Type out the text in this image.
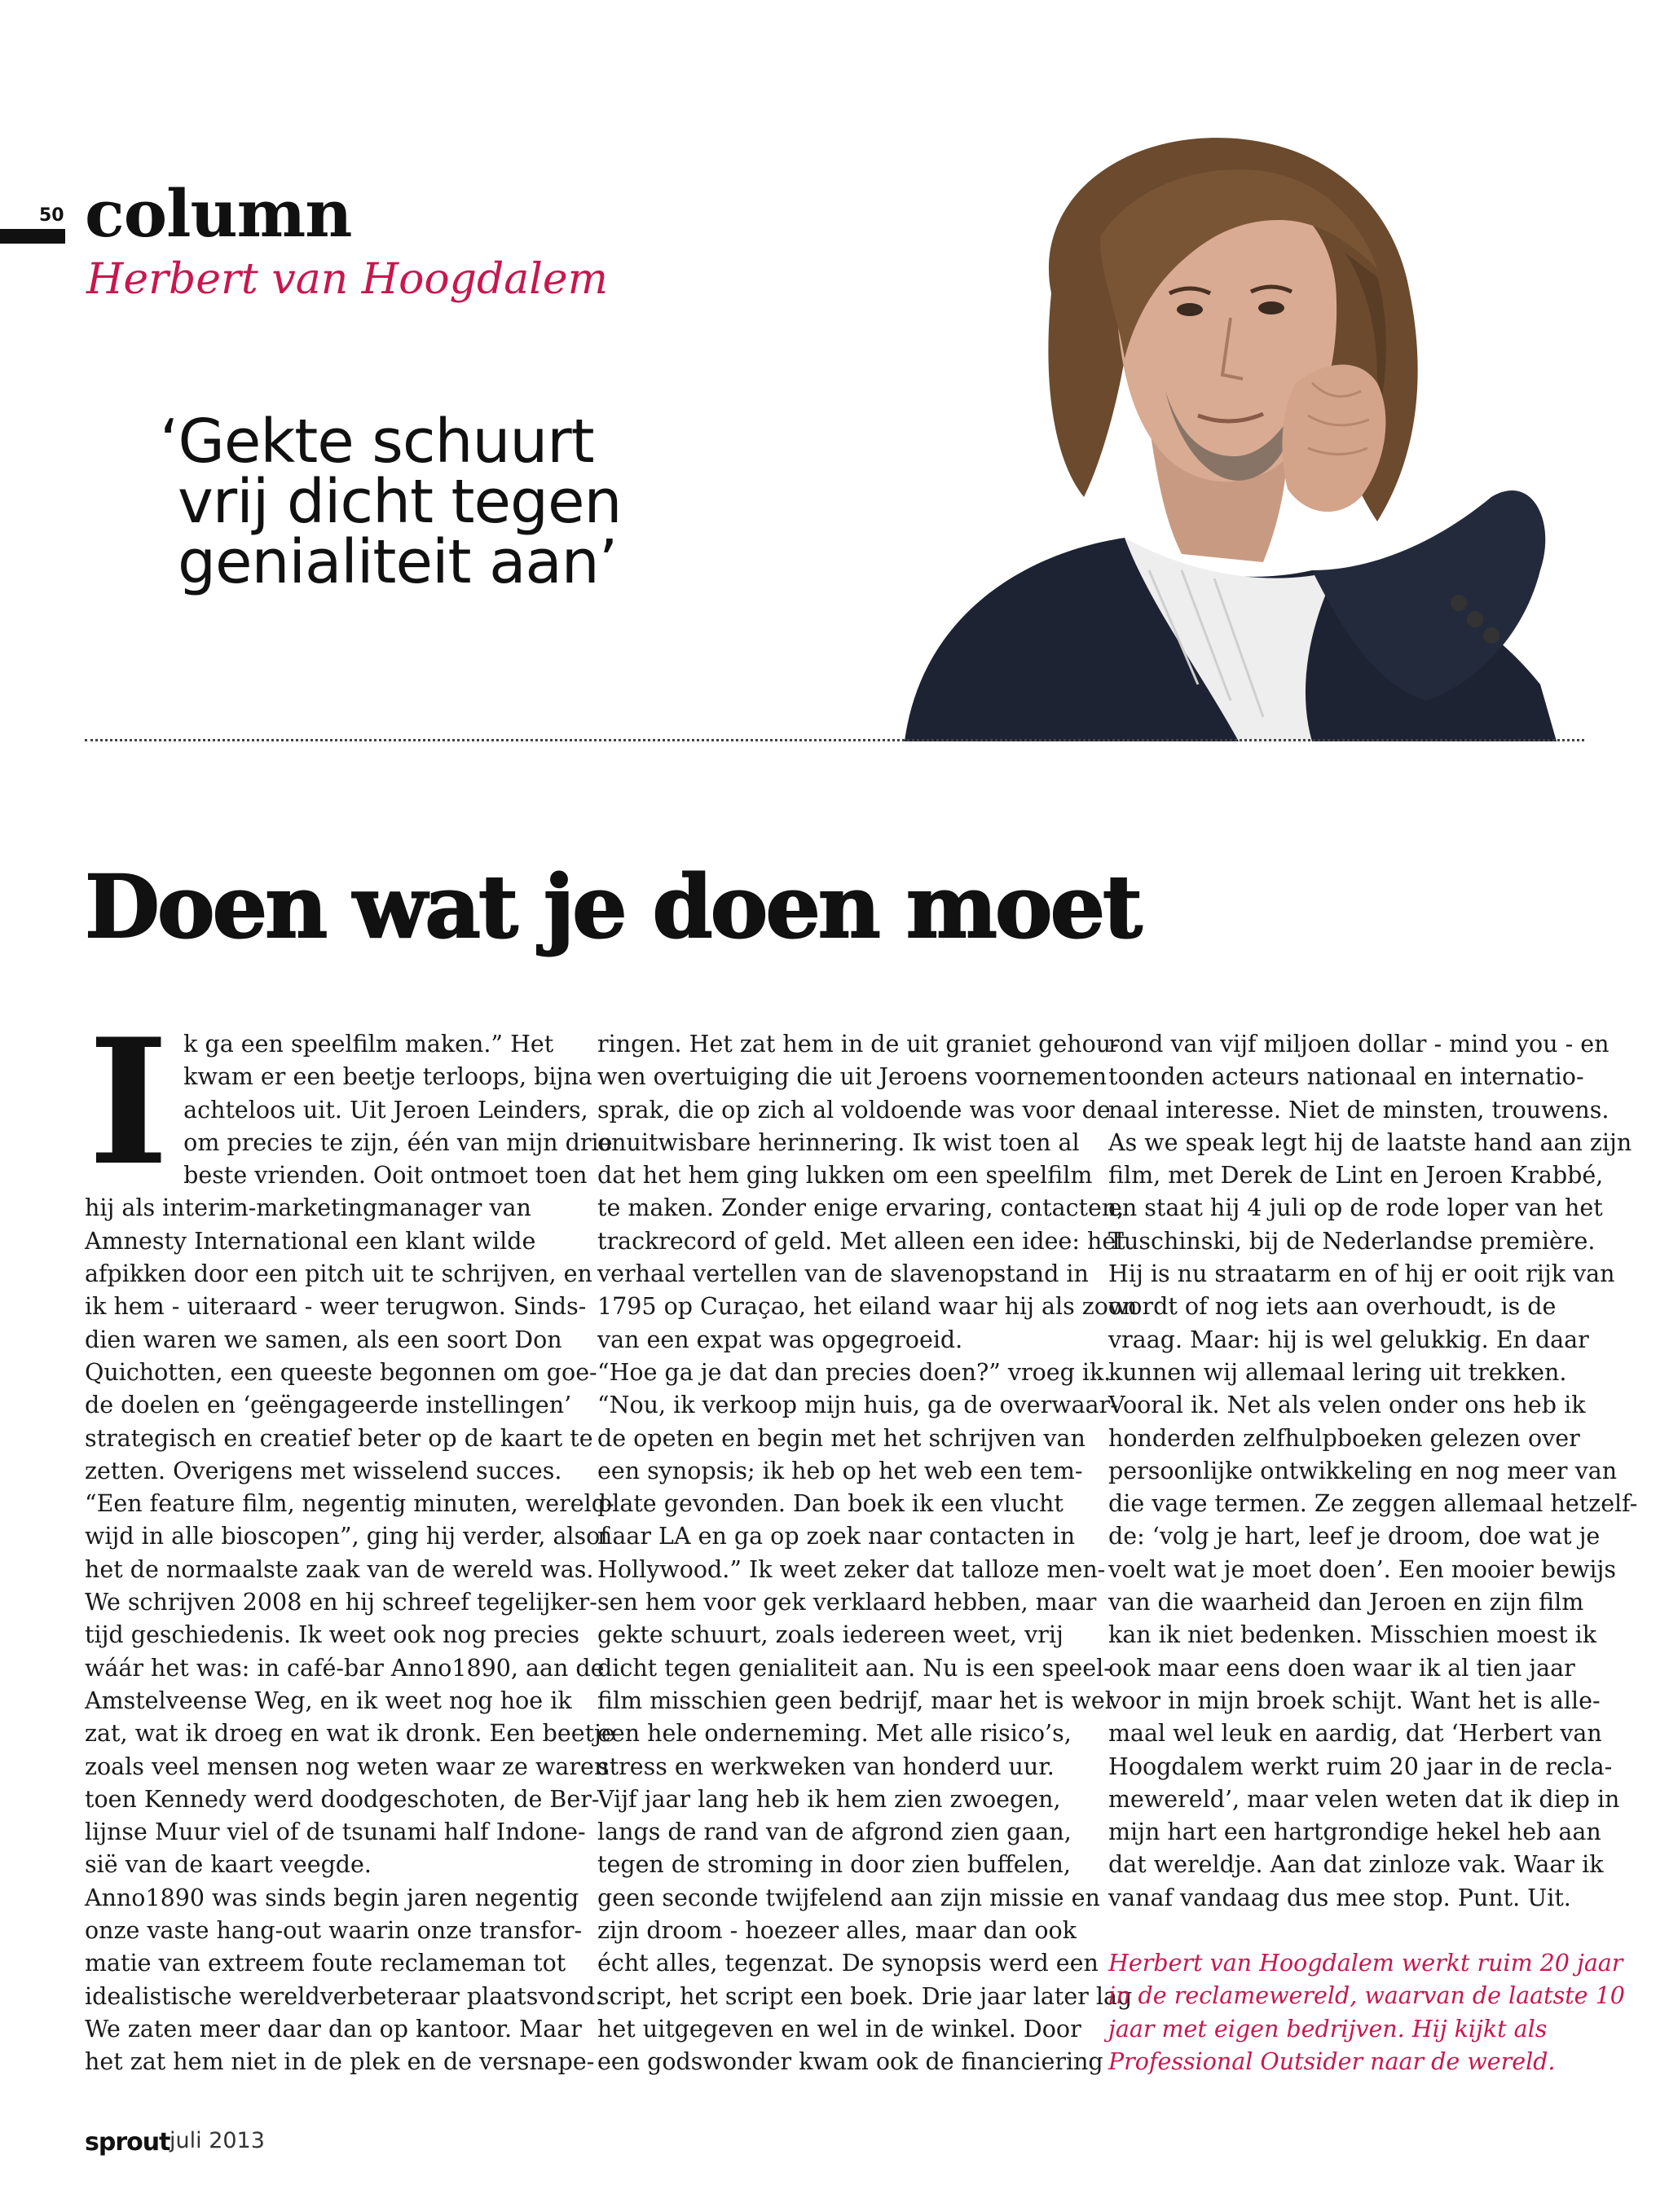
50 column
Herbert van Hoogdalem
‘Gekte schuurt
vrij dicht tegen
genialiteit aan’
Doen wat je doen moet
I k ga een speelfilm maken.” Het
kwam er een beetje terloops, bijna
achteloos uit. Uit Jeroen Leinders,
om precies te zijn, één van mijn drie
beste vrienden. Ooit ontmoet toen
hij als interim-marketingmanager van
Amnesty International een klant wilde
afpikken door een pitch uit te schrijven, en
ik hem - uiteraard - weer terugwon. Sinds-
dien waren we samen, als een soort Don
Quichotten, een queeste begonnen om goe-
de doelen en ‘geëngageerde instellingen’
strategisch en creatief beter op de kaart te
zetten. Overigens met wisselend succes.
“Een feature film, negentig minuten, wereld-
wijd in alle bioscopen”, ging hij verder, alsof
het de normaalste zaak van de wereld was.
We schrijven 2008 en hij schreef tegelijker-
tijd geschiedenis. Ik weet ook nog precies
wáár het was: in café-bar Anno1890, aan de
Amstelveense Weg, en ik weet nog hoe ik
zat, wat ik droeg en wat ik dronk. Een beetje
zoals veel mensen nog weten waar ze waren
toen Kennedy werd doodgeschoten, de Ber-
lijnse Muur viel of de tsunami half Indone-
sië van de kaart veegde.
Anno1890 was sinds begin jaren negentig
onze vaste hang-out waarin onze transfor-
matie van extreem foute reclameman tot
idealistische wereldverbeteraar plaatsvond.
We zaten meer daar dan op kantoor. Maar
het zat hem niet in de plek en de versnape-
ringen. Het zat hem in de uit graniet gehou-
wen overtuiging die uit Jeroens voornemen
sprak, die op zich al voldoende was voor de
onuitwisbare herinnering. Ik wist toen al
dat het hem ging lukken om een speelfilm
te maken. Zonder enige ervaring, contacten,
trackrecord of geld. Met alleen een idee: het
verhaal vertellen van de slavenopstand in
1795 op Curaçao, het eiland waar hij als zoon
van een expat was opgegroeid.
“Hoe ga je dat dan precies doen?” vroeg ik.
“Nou, ik verkoop mijn huis, ga de overwaar-
de opeten en begin met het schrijven van
een synopsis; ik heb op het web een tem-
plate gevonden. Dan boek ik een vlucht
naar LA en ga op zoek naar contacten in
Hollywood.” Ik weet zeker dat talloze men-
sen hem voor gek verklaard hebben, maar
gekte schuurt, zoals iedereen weet, vrij
dicht tegen genialiteit aan. Nu is een speel-
film misschien geen bedrijf, maar het is wel
een hele onderneming. Met alle risico’s,
stress en werkweken van honderd uur.
Vijf jaar lang heb ik hem zien zwoegen,
langs de rand van de afgrond zien gaan,
tegen de stroming in door zien buffelen,
geen seconde twijfelend aan zijn missie en
zijn droom - hoezeer alles, maar dan ook
écht alles, tegenzat. De synopsis werd een
script, het script een boek. Drie jaar later lag
het uitgegeven en wel in de winkel. Door
een godswonder kwam ook de financiering
rond van vijf miljoen dollar - mind you - en
toonden acteurs nationaal en internatio-
naal interesse. Niet de minsten, trouwens.
As we speak legt hij de laatste hand aan zijn
film, met Derek de Lint en Jeroen Krabbé,
en staat hij 4 juli op de rode loper van het
Tuschinski, bij de Nederlandse première.
Hij is nu straatarm en of hij er ooit rijk van
wordt of nog iets aan overhoudt, is de
vraag. Maar: hij is wel gelukkig. En daar
kunnen wij allemaal lering uit trekken.
Vooral ik. Net als velen onder ons heb ik
honderden zelfhulpboeken gelezen over
persoonlijke ontwikkeling en nog meer van
die vage termen. Ze zeggen allemaal hetzelf-
de: ‘volg je hart, leef je droom, doe wat je
voelt wat je moet doen’. Een mooier bewijs
van die waarheid dan Jeroen en zijn film
kan ik niet bedenken. Misschien moest ik
ook maar eens doen waar ik al tien jaar
voor in mijn broek schijt. Want het is alle-
maal wel leuk en aardig, dat ‘Herbert van
Hoogdalem werkt ruim 20 jaar in de recla-
mewereld’, maar velen weten dat ik diep in
mijn hart een hartgrondige hekel heb aan
dat wereldje. Aan dat zinloze vak. Waar ik
vanaf vandaag dus mee stop. Punt. Uit.
Herbert van Hoogdalem werkt ruim 20 jaar
in de reclamewereld, waarvan de laatste 10
jaar met eigen bedrijven. Hij kijkt als
Professional Outsider naar de wereld.
sprout juli 2013
